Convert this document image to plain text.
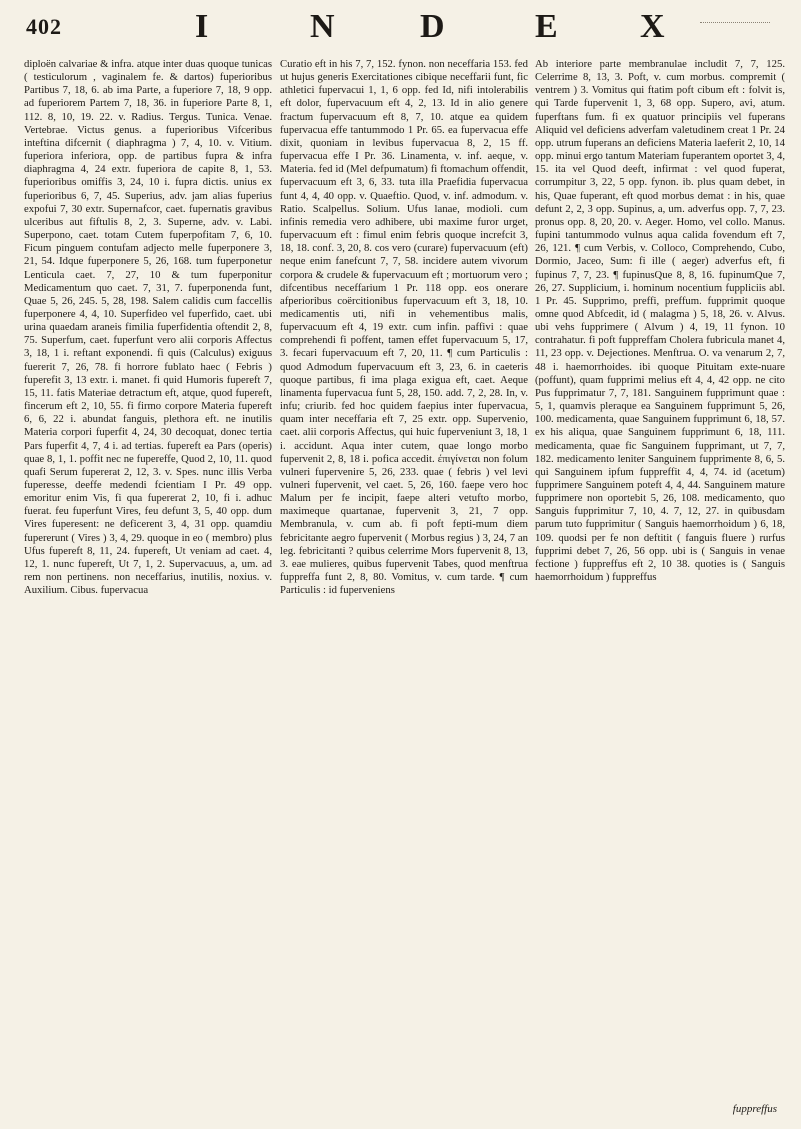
402	I	N	D	E X

diploën calvariae & infra. atque inter duas quoque tunicas ( testiculorum , vaginalem fe. & dartos) fuperioribus Partibus 7, 18, 6. ab ima Parte, a fuperiore 7, 18, 9 opp. ad fuperiorem Partem 7, 18, 36. in fuperiore Parte 8, 1, 112. 8, 10, 19. 22. v. Radius. Tergus. Tunica. Venae. Vertebrae. Victus genus. a fuperioribus Vifceribus inteftina difcernit ( diaphragma ) 7, 4, 10. v. Vitium. fuperiora inferiora, opp. de partibus fupra & infra diaphragma 4, 24 extr. fuperiora de capite 8, 1, 53. fuperioribus omiffis 3, 24, 10 i. fupra dictis. unius ex fuperioribus 6, 7, 45. Superius, adv. jam alias fuperius expofui 7, 30 extr. Supernafcor, caet. fupernatis gravibus ulceribus aut fiftulis 8, 2, 3. Superne, adv. v. Labi. Superpono, caet. totam Cutem fuperpofitam 7, 6, 10. Ficum pinguem contufam adjecto melle fuperponere 3, 21, 54. Idque fuperponere 5, 26, 168. tum fuperponetur Lenticula caet. 7, 27, 10 & tum fuperponitur Medicamentum quo caet. 7, 31, 7. fuperponenda funt, Quae 5, 26, 245. 5, 28, 198. Salem calidis cum faccellis fuperponere 4, 4, 10. Superfideo vel fuperfido, caet. ubi urina quaedam araneis fimilia fuperfidentia oftendit 2, 8, 75. Superfum, caet. fuperfunt vero alii corporis Affectus 3, 18, 1 i. reftant exponendi. fi quis (Calculus) exiguus fuererit 7, 26, 78. fi horrore fublato haec ( Febris ) fuperefit 3, 13 extr. i. manet. fi quid Humoris fupereft 7, 15, 11. fatis Materiae detractum eft, atque, quod fupereft, fincerum eft 2, 10, 55. fi firmo corpore Materia fupereft 6, 6, 22 i. abundat fanguis, plethora eft. ne inutilis Materia corpori fuperfit 4, 24, 30 decoquat, donec tertia Pars fuperfit 4, 7, 4 i. ad tertias. fupereft ea Pars (operis) quae 8, 1, 1. poffit nec ne fupereffe, Quod 2, 10, 11. quod quafi Serum fupererat 2, 12, 3. v. Spes. nunc illis Verba fuperesse, deeffe medendi fcientiam I Pr. 49 opp. emoritur enim Vis, fi qua fupererat 2, 10, fi i. adhuc fuerat. feu fuperfunt Vires, feu defunt 3, 5, 40 opp. dum Vires fuperesent: ne deficerent 3, 4, 31 opp. quamdiu fupererunt ( Vires ) 3, 4, 29. quoque in eo ( membro) plus Ufus fupereft 8, 11, 24. fupereft, Ut veniam ad caet. 4, 12, 1. nunc fupereft, Ut 7, 1, 2. Supervacuus, a, um. ad rem non pertinens. non neceffarius, inutilis, noxius. v. Auxilium. Cibus. fupervacua

Curatio eft in his 7, 7, 152. fynon. non neceffaria 153. fed ut hujus generis Exercitationes cibique neceffarii funt, fic athletici fupervacui 1, 1, 6 opp. fed Id, nifi intolerabilis eft dolor, fupervacuum eft 4, 2, 13. Id in alio genere fractum fupervacuum eft 8, 7, 10. atque ea quidem fupervacua effe tantummodo 1 Pr. 65. ea fupervacua effe dixit, quoniam in levibus fupervacua 8, 2, 15 ff. fupervacua effe I Pr. 36. Linamenta, v. inf. aeque, v. Materia. fed id (Mel defpumatum) fi ftomachum offendit, fupervacuum eft 3, 6, 33. tuta illa Praefidia fupervacua funt 4, 4, 40 opp. v. Quaeftio. Quod, v. inf. admodum. v. Ratio. Scalpellus. Solium. Ufus lanae, modioli. cum infinis remedia vero adhibere, ubi maxime furor urget, fupervacuum eft : fimul enim febris quoque increfcit 3, 18, 18. conf. 3, 20, 8. cos vero (curare) fupervacuum (eft) neque enim fanefcunt 7, 7, 58. incidere autem vivorum corpora & crudele & fupervacuum eft ; mortuorum vero ; difcentibus neceffarium 1 Pr. 118 opp. eos onerare afperioribus coërcitionibus fupervacuum eft 3, 18, 10. medicamentis uti, nifi in vehementibus malis, fupervacuum eft 4, 19 extr. cum infin. paffivi : quae comprehendi fi poffent, tamen effet fupervacuum 5, 17, 3. fecari fupervacuum eft 7, 20, 11. ¶ cum Particulis : quod Admodum fupervacuum eft 3, 23, 6. in caeteris quoque partibus, fi ima plaga exigua eft, caet. Aeque linamenta fupervacua funt 5, 28, 150. add. 7, 2, 28. In, v. infu; criurib. fed hoc quidem faepius inter fupervacua, quam inter neceffaria eft 7, 25 extr. opp. Supervenio, caet. alii corporis Affectus, qui huic fuperveniunt 3, 18, 1 i. accidunt. Aqua inter cutem, quae longo morbo fupervenit 2, 8, 18 i. pofica accedit. έπιγίνεται non folum vulneri fupervenire 5, 26, 233. quae ( febris ) vel levi vulneri fupervenit, vel caet. 5, 26, 160. faepe vero hoc Malum per fe incipit, faepe alteri vetufto morbo, maximeque quartanae, fupervenit 3, 21, 7 opp. Membranula, v. cum ab. fi poft fepti-mum diem febricitante aegro fupervenit ( Morbus regius ) 3, 24, 7 an leg. febricitanti ? quibus celerrime Mors fupervenit 8, 13, 3. eae mulieres, quibus fupervenit Tabes, quod menftrua fuppreffa funt 2, 8, 80. Vomitus, v. cum tarde. ¶ cum Particulis : id fuperveniens

Ab interiore parte membranulae includit 7, 7, 125. Celerrime 8, 13, 3. Poft, v. cum morbus. compremit ( ventrem ) 3. Vomitus qui ftatim poft cibum eft : folvit is, qui Tarde fupervenit 1, 3, 68 opp. Supero, avi, atum. fuperftans fum. fi ex quatuor principiis vel fuperans Aliquid vel deficiens adverfam valetudinem creat 1 Pr. 24 opp. utrum fuperans an deficiens Materia laeferit 2, 10, 14 opp. minui ergo tantum Materiam fuperantem oportet 3, 4, 15. ita vel Quod deeft, infirmat : vel quod fuperat, corrumpitur 3, 22, 5 opp. fynon. ib. plus quam debet, in his, Quae fuperant, eft quod morbus demat : in his, quae defunt 2, 2, 3 opp. Supinus, a, um. adverfus opp. 7, 7, 23. pronus opp. 8, 20, 20. v. Aeger. Homo, vel collo. Manus. fupini tantummodo vulnus aqua calida fovendum eft 7, 26, 121. ¶ cum Verbis, v. Colloco, Comprehendo, Cubo, Dormio, Jaceo, Sum: fi ille ( aeger) adverfus eft, fi fupinus 7, 7, 23. ¶ fupinusQue 8, 8, 16. fupinumQue 7, 26, 27. Supplicium, i. hominum nocentium fuppliciis abl. 1 Pr. 45. Supprimo, preffi, preffum. fupprimit quoque omne quod Abfcedit, id ( malagma ) 5, 18, 26. v. Alvus. ubi vehs fupprimere ( Alvum ) 4, 19, 11 fynon. 10 contrahatur. fi poft fuppreffam Cholera fubricula manet 4, 11, 23 opp. v. Dejectiones. Menftrua. O. va venarum 2, 7, 48 i. haemorrhoides. ibi quoque Pituitam exte-nuare (poffunt), quam fupprimi melius eft 4, 4, 42 opp. ne cito Pus fupprimatur 7, 7, 181. Sanguinem fupprimunt quae : 5, 1, quamvis pleraque ea Sanguinem fupprimunt 5, 26, 100. medicamenta, quae Sanguinem fupprimunt 6, 18, 57. ex his aliqua, quae Sanguinem fupprimunt 6, 18, 111. medicamenta, quae fic Sanguinem fupprimant, ut 7, 7, 182. medicamento leniter Sanguinem fupprimente 8, 6, 5. qui Sanguinem ipfum fuppreffit 4, 4, 74. id (acetum) fupprimere Sanguinem poteft 4, 4, 44. Sanguinem mature fupprimere non oportebit 5, 26, 108. medicamento, quo Sanguis fupprimitur 7, 10, 4. 7, 12, 27. in quibusdam parum tuto fupprimitur ( Sanguis haemorrhoidum ) 6, 18, 109. quodsi per fe non deftitit ( fanguis fluere ) rurfus fupprimi debet 7, 26, 56 opp. ubi is ( Sanguis in venae fectione ) fuppreffus eft 2, 10 38. quoties is ( Sanguis haemorrhoidum ) fuppreffus

fuppreffus
